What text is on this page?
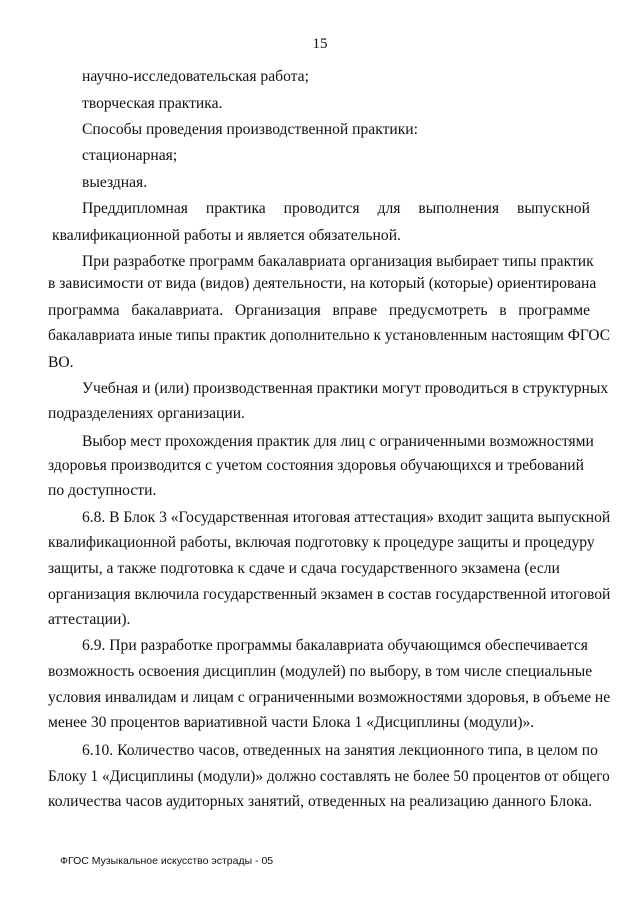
15
научно-исследовательская работа;
творческая практика.
Способы проведения производственной практики:
стационарная;
выездная.
Преддипломная практика проводится для выполнения выпускной
квалификационной работы и является обязательной.
При разработке программ бакалавриата организация выбирает типы практик
в зависимости от вида (видов) деятельности, на который (которые) ориентирована
программа бакалавриата. Организация вправе предусмотреть в программе
бакалавриата иные типы практик дополнительно к установленным настоящим ФГОС
ВО.
Учебная и (или) производственная практики могут проводиться в структурных
подразделениях организации.
Выбор мест прохождения практик для лиц с ограниченными возможностями
здоровья производится с учетом состояния здоровья обучающихся и требований
по доступности.
6.8. В Блок 3 «Государственная итоговая аттестация» входит защита выпускной
квалификационной работы, включая подготовку к процедуре защиты и процедуру
защиты, а также подготовка к сдаче и сдача государственного экзамена (если
организация включила государственный экзамен в состав государственной итоговой
аттестации).
6.9. При разработке программы бакалавриата обучающимся обеспечивается
возможность освоения дисциплин (модулей) по выбору, в том числе специальные
условия инвалидам и лицам с ограниченными возможностями здоровья, в объеме не
менее 30 процентов вариативной части Блока 1 «Дисциплины (модули)».
6.10. Количество часов, отведенных на занятия лекционного типа, в целом по
Блоку 1 «Дисциплины (модули)» должно составлять не более 50 процентов от общего
количества часов аудиторных занятий, отведенных на реализацию данного Блока.
ФГОС Музыкальное искусство эстрады - 05
